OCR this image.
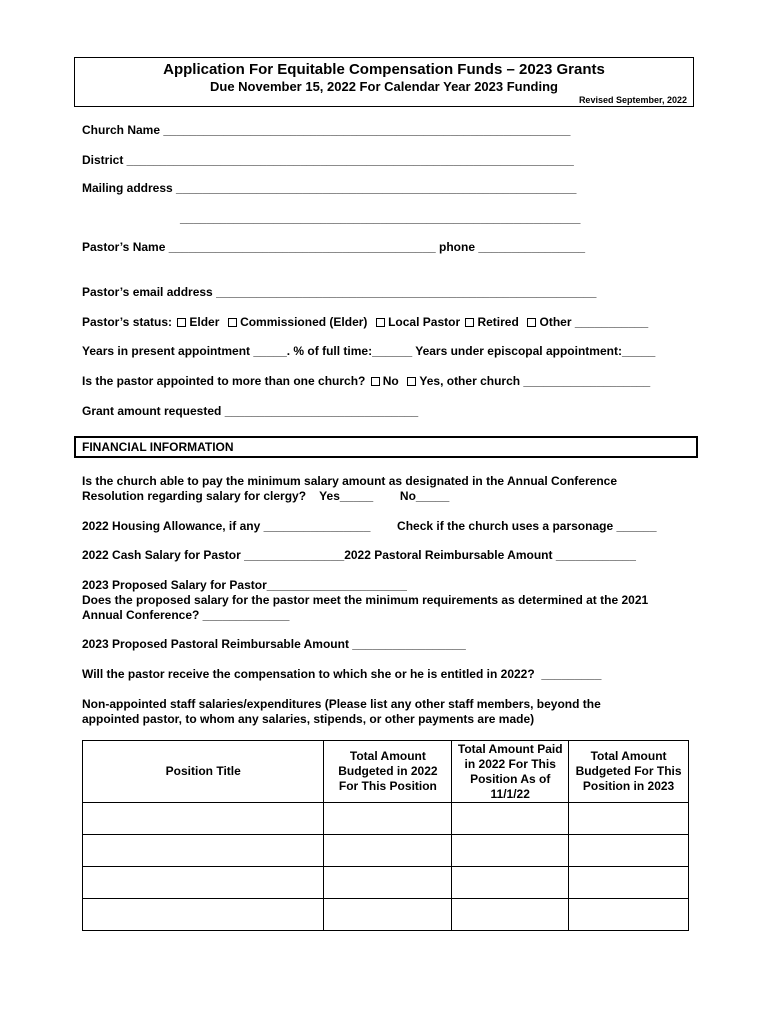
Application For Equitable Compensation Funds – 2023 Grants
Due November 15, 2022 For Calendar Year 2023 Funding
Revised September, 2022
Church Name _____________________________________________________________
District ___________________________________________________________________
Mailing address ____________________________________________________________
____________________________________________________________
Pastor’s Name ________________________________________ phone ________________
Pastor’s email address _________________________________________________________
Pastor’s status: Elder Commissioned (Elder) Local Pastor Retired Other ___________
Years in present appointment _____. % of full time:______ Years under episcopal appointment:_____
Is the pastor appointed to more than one church? No Yes, other church ___________________
Grant amount requested _____________________________
FINANCIAL INFORMATION
Is the church able to pay the minimum salary amount as designated in the Annual Conference
Resolution regarding salary for clergy?    Yes_____        No_____
2022 Housing Allowance, if any ________________        Check if the church uses a parsonage ______
2022 Cash Salary for Pastor _______________2022 Pastoral Reimbursable Amount ____________
2023 Proposed Salary for Pastor_____________________
Does the proposed salary for the pastor meet the minimum requirements as determined at the 2021
Annual Conference? _____________
2023 Proposed Pastoral Reimbursable Amount _________________
Will the pastor receive the compensation to which she or he is entitled in 2022?  _________
Non-appointed staff salaries/expenditures (Please list any other staff members, beyond the
appointed pastor, to whom any salaries, stipends, or other payments are made)
Position Title	Total Amount Budgeted in 2022 For This Position	Total Amount Paid in 2022 For This Position As of 11/1/22	Total Amount Budgeted For This Position in 2023
